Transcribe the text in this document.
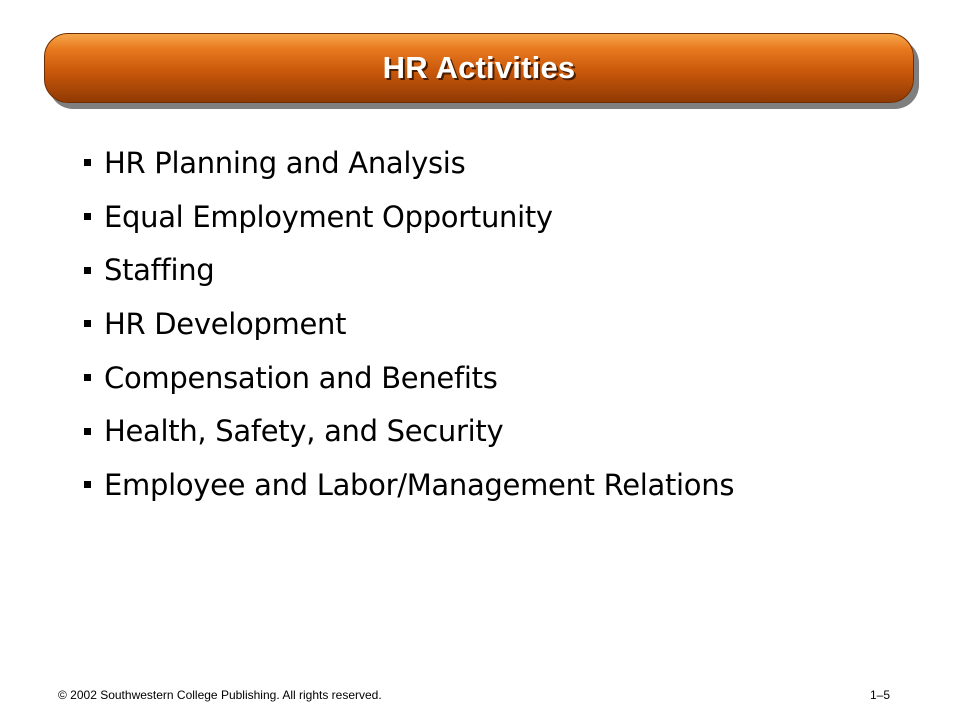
HR Activities
HR Planning and Analysis
Equal Employment Opportunity
Staffing
HR Development
Compensation and Benefits
Health, Safety, and Security
Employee and Labor/Management Relations
© 2002 Southwestern College Publishing. All rights reserved.	1–5
